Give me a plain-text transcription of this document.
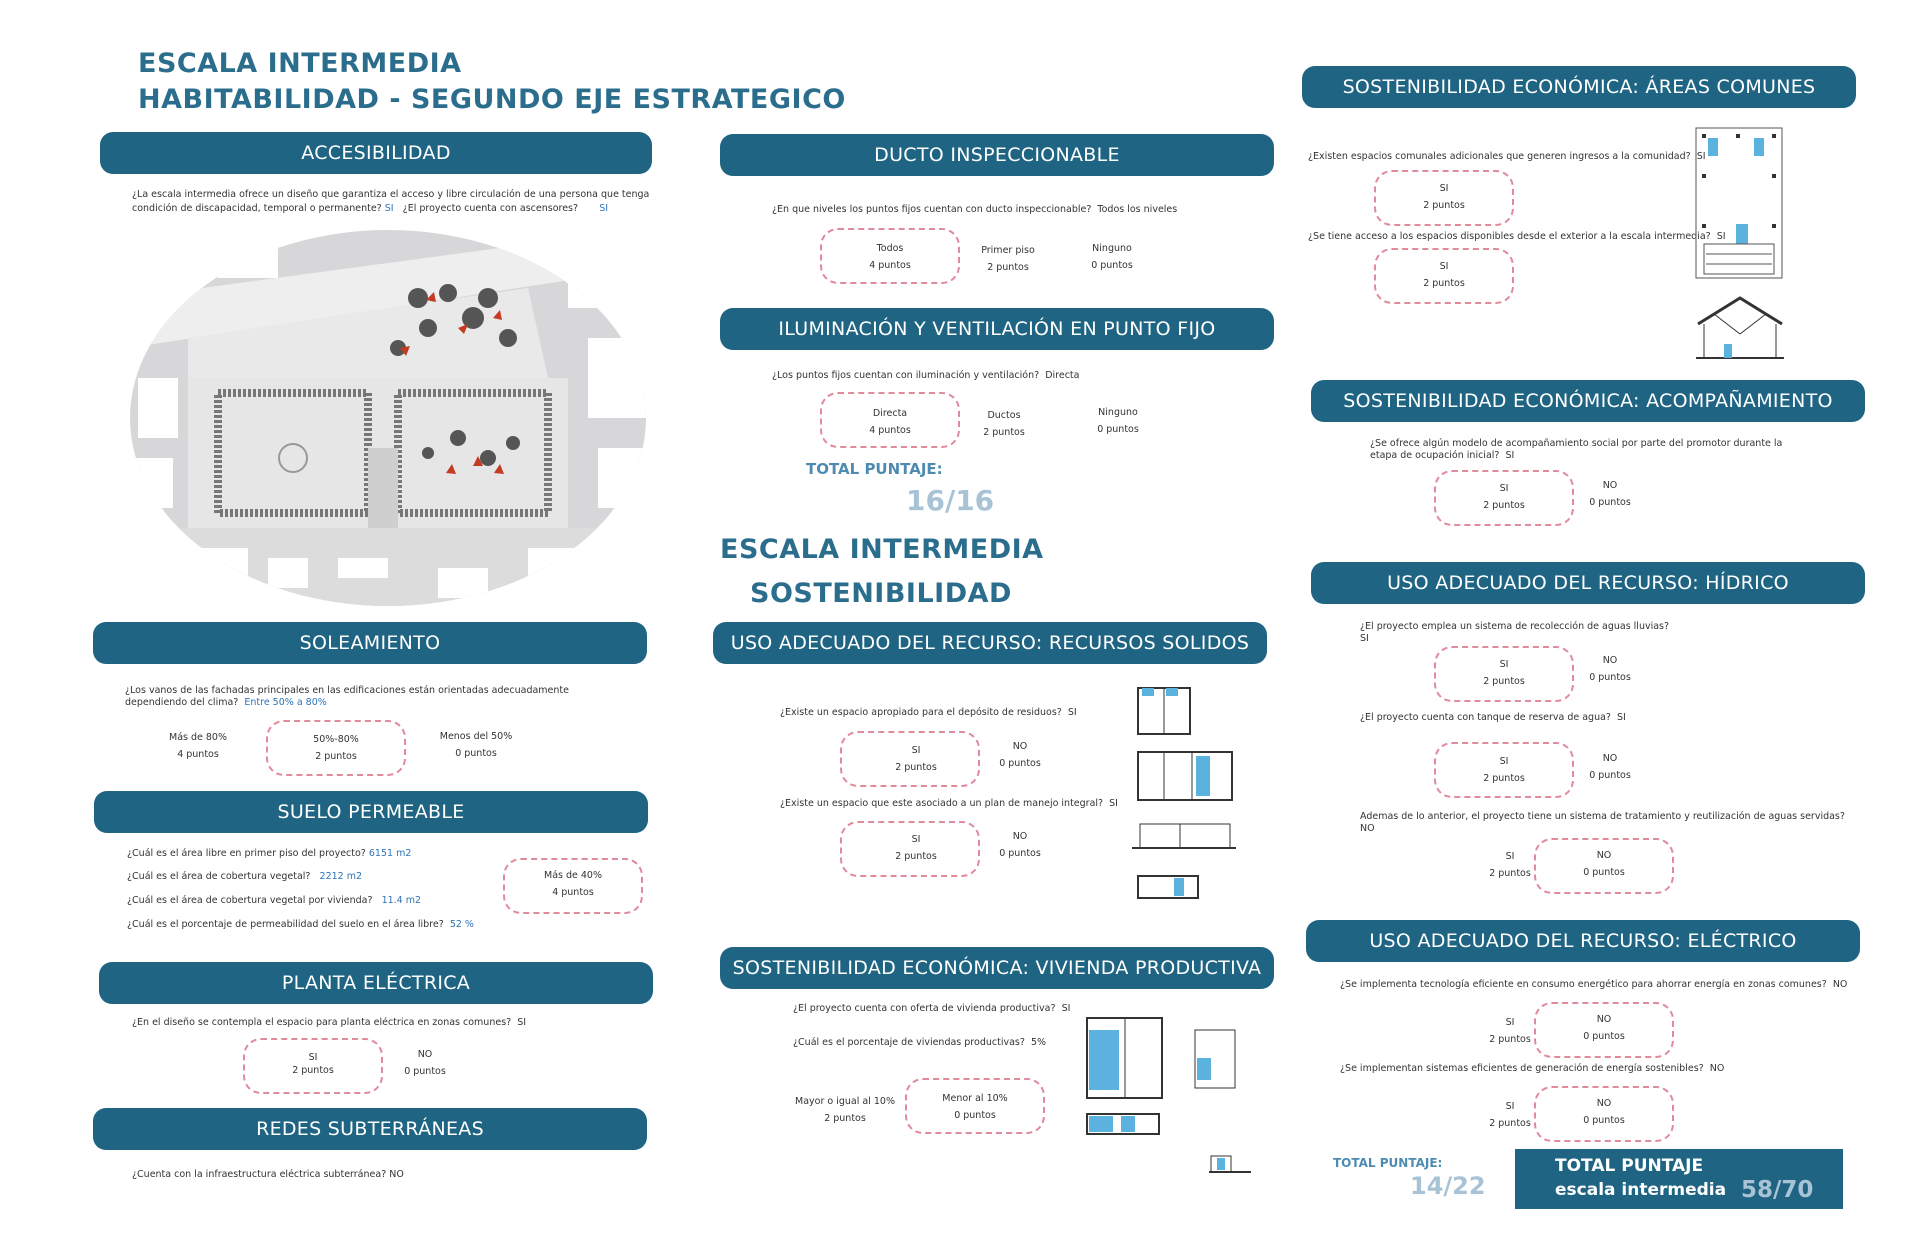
ESCALA INTERMEDIA
HABITABILIDAD - SEGUNDO EJE ESTRATEGICO
ACCESIBILIDAD
¿La escala intermedia ofrece un diseño que garantiza el acceso y libre circulación de una persona que tenga
condición de discapacidad, temporal o permanente? SI ¿El proyecto cuenta con ascensores? SI
SOLEAMIENTO
¿Los vanos de las fachadas principales en las edificaciones están orientadas adecuadamente
dependiendo del clima? Entre 50% a 80%
Más de 80%
4 puntos
50%-80%
2 puntos
Menos del 50%
0 puntos
SUELO PERMEABLE
¿Cuál es el área libre en primer piso del proyecto? 6151 m2
¿Cuál es el área de cobertura vegetal? 2212 m2
¿Cuál es el área de cobertura vegetal por vivienda? 11.4 m2
¿Cuál es el porcentaje de permeabilidad del suelo en el área libre? 52 %
Más de 40%
4 puntos
PLANTA ELÉCTRICA
¿En el diseño se contempla el espacio para planta eléctrica en zonas comunes? SI
SI
2 puntos
NO
0 puntos
REDES SUBTERRÁNEAS
¿Cuenta con la infraestructura eléctrica subterránea? NO
DUCTO INSPECCIONABLE
¿En que niveles los puntos fijos cuentan con ducto inspeccionable? Todos los niveles
Todos
4 puntos
Primer piso
2 puntos
Ninguno
0 puntos
ILUMINACIÓN Y VENTILACIÓN EN PUNTO FIJO
¿Los puntos fijos cuentan con iluminación y ventilación? Directa
Directa
4 puntos
Ductos
2 puntos
Ninguno
0 puntos
TOTAL PUNTAJE:
16/16
ESCALA INTERMEDIA
SOSTENIBILIDAD
USO ADECUADO DEL RECURSO: RECURSOS SOLIDOS
¿Existe un espacio apropiado para el depósito de residuos? SI
SI
2 puntos
NO
0 puntos
¿Existe un espacio que este asociado a un plan de manejo integral? SI
SI
2 puntos
NO
0 puntos
SOSTENIBILIDAD ECONÓMICA: VIVIENDA PRODUCTIVA
¿El proyecto cuenta con oferta de vivienda productiva? SI
¿Cuál es el porcentaje de viviendas productivas? 5%
Mayor o igual al 10%
2 puntos
Menor al 10%
0 puntos
SOSTENIBILIDAD ECONÓMICA: ÁREAS COMUNES
¿Existen espacios comunales adicionales que generen ingresos a la comunidad? SI
SI
2 puntos
¿Se tiene acceso a los espacios disponibles desde el exterior a la escala intermedia? SI
SI
2 puntos
SOSTENIBILIDAD ECONÓMICA: ACOMPAÑAMIENTO
¿Se ofrece algún modelo de acompañamiento social por parte del promotor durante la
etapa de ocupación inicial? SI
SI
2 puntos
NO
0 puntos
USO ADECUADO DEL RECURSO: HÍDRICO
¿El proyecto emplea un sistema de recolección de aguas lluvias?
SI
SI
2 puntos
NO
0 puntos
¿El proyecto cuenta con tanque de reserva de agua? SI
SI
2 puntos
NO
0 puntos
Ademas de lo anterior, el proyecto tiene un sistema de tratamiento y reutilización de aguas servidas?
NO
SI
2 puntos
NO
0 puntos
USO ADECUADO DEL RECURSO: ELÉCTRICO
¿Se implementa tecnología eficiente en consumo energético para ahorrar energía en zonas comunes? NO
SI
2 puntos
NO
0 puntos
¿Se implementan sistemas eficientes de generación de energía sostenibles? NO
SI
2 puntos
NO
0 puntos
TOTAL PUNTAJE:
14/22
TOTAL PUNTAJE
escala intermedia 58/70
